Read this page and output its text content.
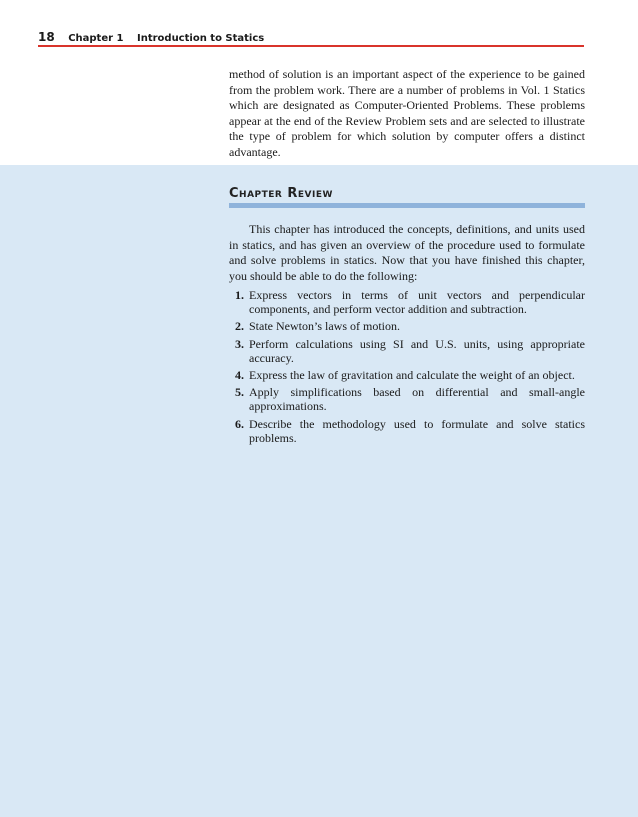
18 Chapter 1 Introduction to Statics
method of solution is an important aspect of the experience to be gained from the problem work. There are a number of problems in Vol. 1 Statics which are designated as Computer-Oriented Problems. These problems appear at the end of the Review Problem sets and are selected to illustrate the type of problem for which solution by computer offers a distinct advantage.
Chapter Review
This chapter has introduced the concepts, definitions, and units used in statics, and has given an overview of the procedure used to formulate and solve problems in statics. Now that you have finished this chapter, you should be able to do the following:
1. Express vectors in terms of unit vectors and perpendicular components, and perform vector addition and subtraction.
2. State Newton’s laws of motion.
3. Perform calculations using SI and U.S. units, using appropriate accuracy.
4. Express the law of gravitation and calculate the weight of an object.
5. Apply simplifications based on differential and small-angle approximations.
6. Describe the methodology used to formulate and solve statics problems.
